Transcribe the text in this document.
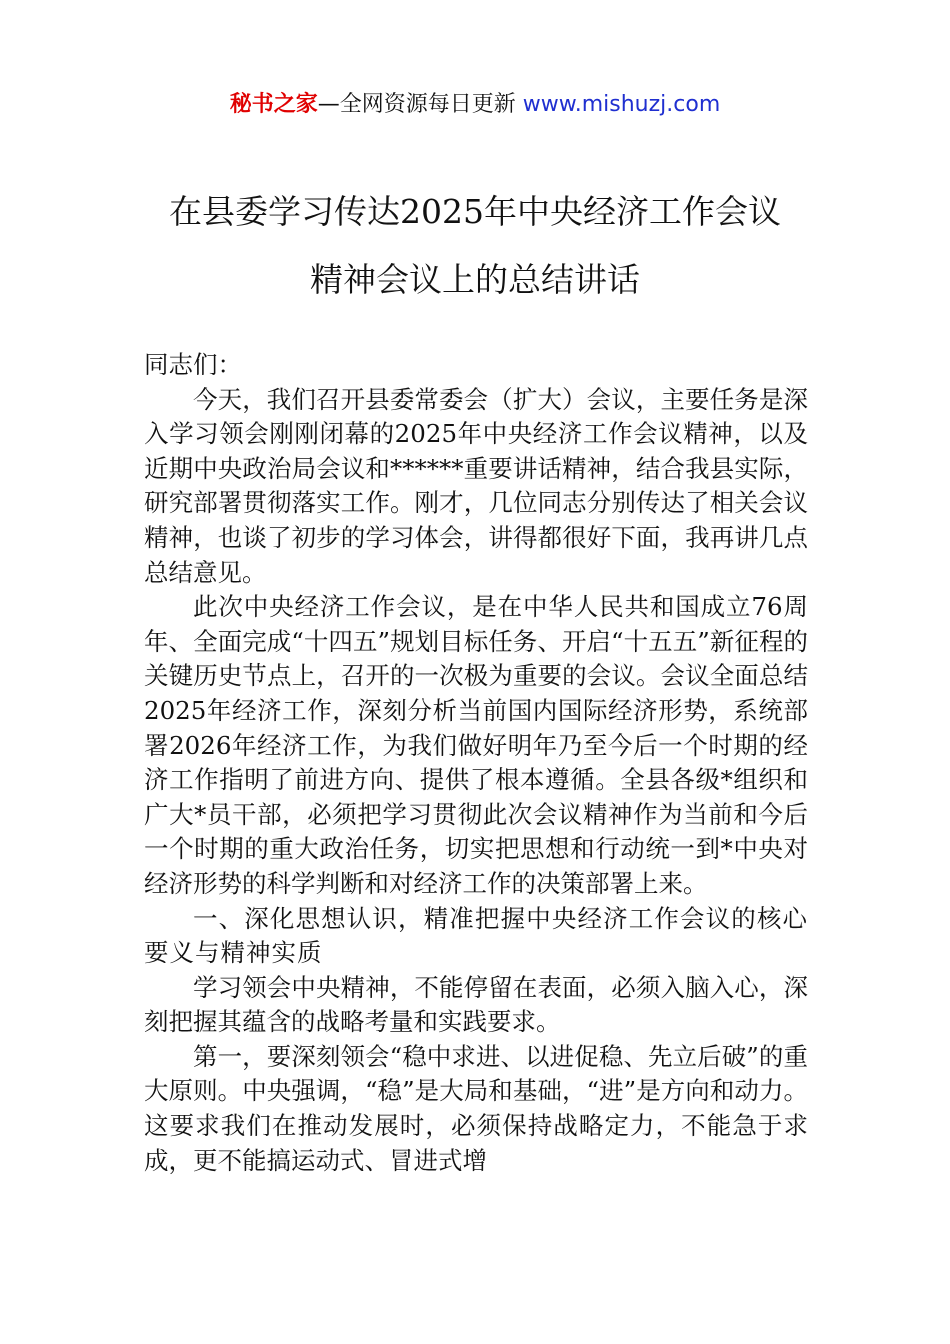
秘书之家—全网资源每日更新 www.mishuzj.com
在县委学习传达2025年中央经济工作会议
精神会议上的总结讲话

同志们：

今天，我们召开县委常委会（扩大）会议，主要任务是深入学习领会刚刚闭幕的2025年中央经济工作会议精神，以及近期中央政治局会议和******重要讲话精神，结合我县实际，研究部署贯彻落实工作。刚才，几位同志分别传达了相关会议精神，也谈了初步的学习体会，讲得都很好下面，我再讲几点总结意见。

此次中央经济工作会议，是在中华人民共和国成立76周年、全面完成“十四五”规划目标任务、开启“十五五”新征程的关键历史节点上，召开的一次极为重要的会议。会议全面总结2025年经济工作，深刻分析当前国内国际经济形势，系统部署2026年经济工作，为我们做好明年乃至今后一个时期的经济工作指明了前进方向、提供了根本遵循。全县各级*组织和广大*员干部，必须把学习贯彻此次会议精神作为当前和今后一个时期的重大政治任务，切实把思想和行动统一到*中央对经济形势的科学判断和对经济工作的决策部署上来。

一、深化思想认识，精准把握中央经济工作会议的核心要义与精神实质

学习领会中央精神，不能停留在表面，必须入脑入心，深刻把握其蕴含的战略考量和实践要求。

第一，要深刻领会“稳中求进、以进促稳、先立后破”的重大原则。中央强调，“稳”是大局和基础，“进”是方向和动力。这要求我们在推动发展时，必须保持战略定力，不能急于求成，更不能搞运动式、冒进式增
